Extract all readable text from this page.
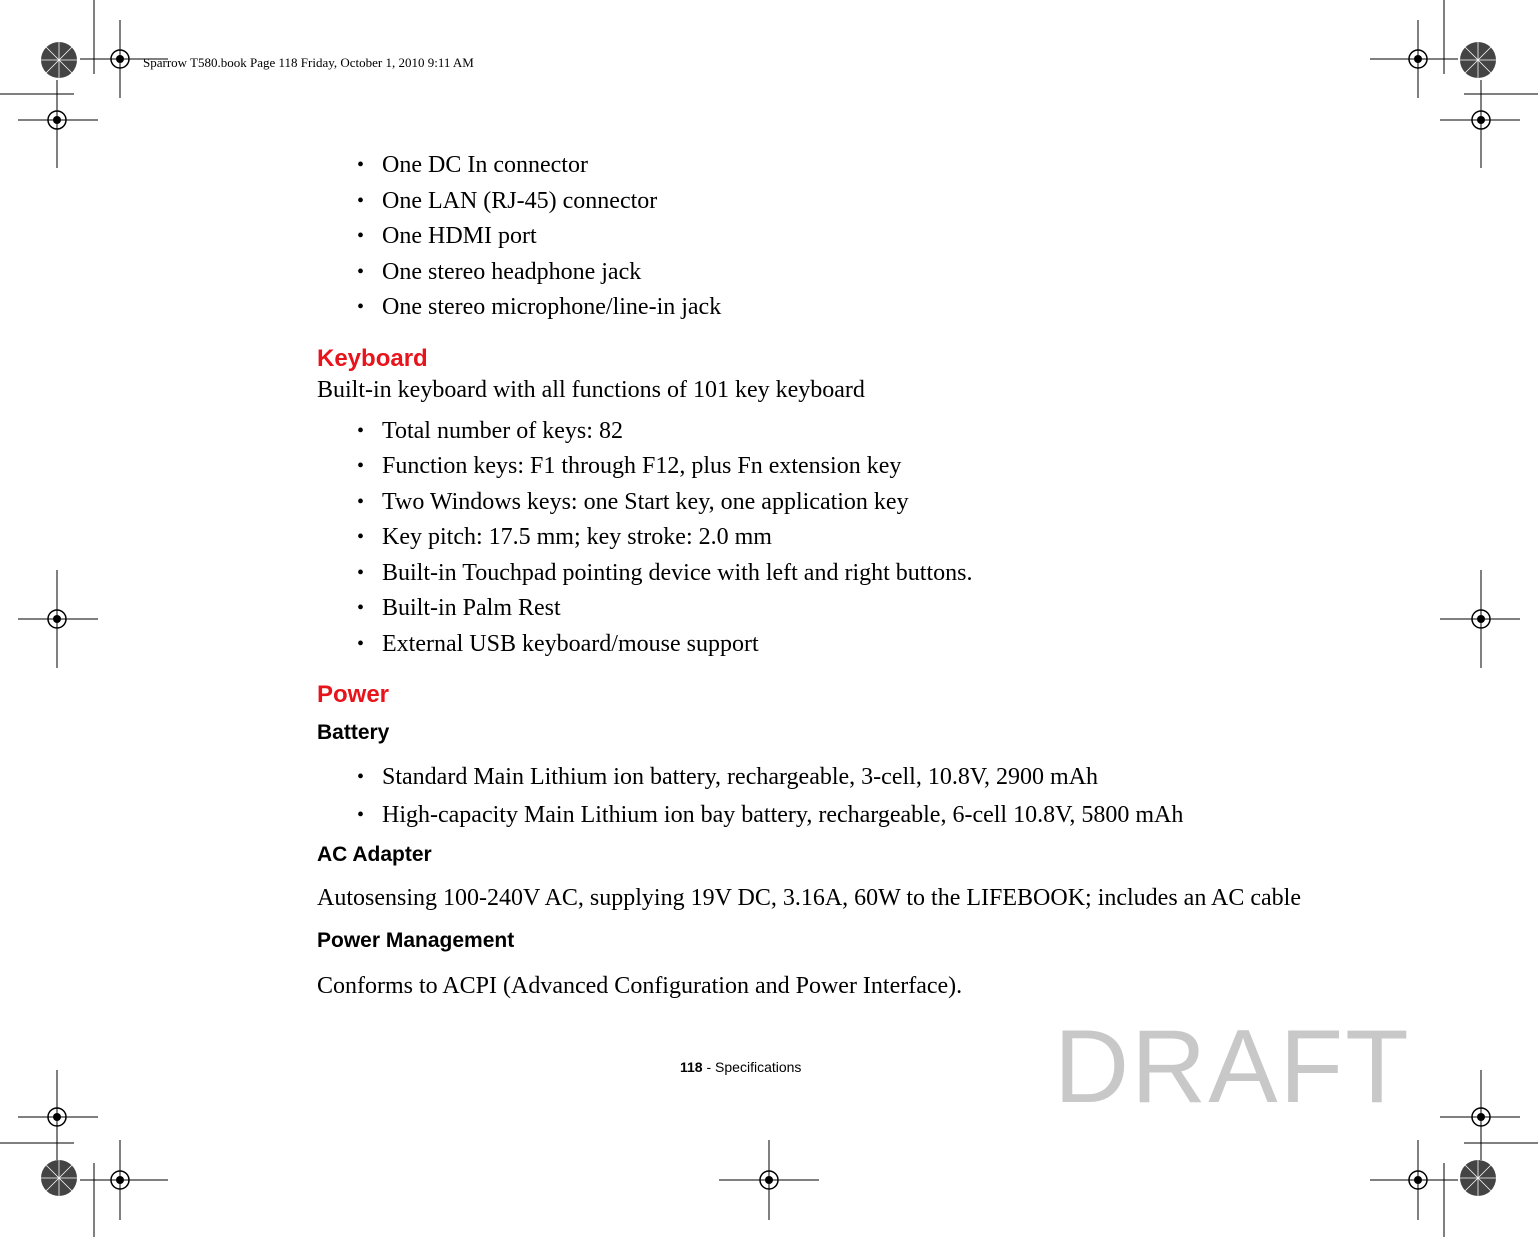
Sparrow T580.book Page 118 Friday, October 1, 2010 9:11 AM
• One DC In connector
• One LAN (RJ-45) connector
• One HDMI port
• One stereo headphone jack
• One stereo microphone/line-in jack
Keyboard
Built-in keyboard with all functions of 101 key keyboard
• Total number of keys: 82
• Function keys: F1 through F12, plus Fn extension key
• Two Windows keys: one Start key, one application key
• Key pitch: 17.5 mm; key stroke: 2.0 mm
• Built-in Touchpad pointing device with left and right buttons.
• Built-in Palm Rest
• External USB keyboard/mouse support
Power
Battery
• Standard Main Lithium ion battery, rechargeable, 3-cell, 10.8V, 2900 mAh
• High-capacity Main Lithium ion bay battery, rechargeable, 6-cell 10.8V, 5800 mAh
AC Adapter
Autosensing 100-240V AC, supplying 19V DC, 3.16A, 60W to the LIFEBOOK; includes an AC cable
Power Management
Conforms to ACPI (Advanced Configuration and Power Interface).
DRAFT
118 - Specifications
